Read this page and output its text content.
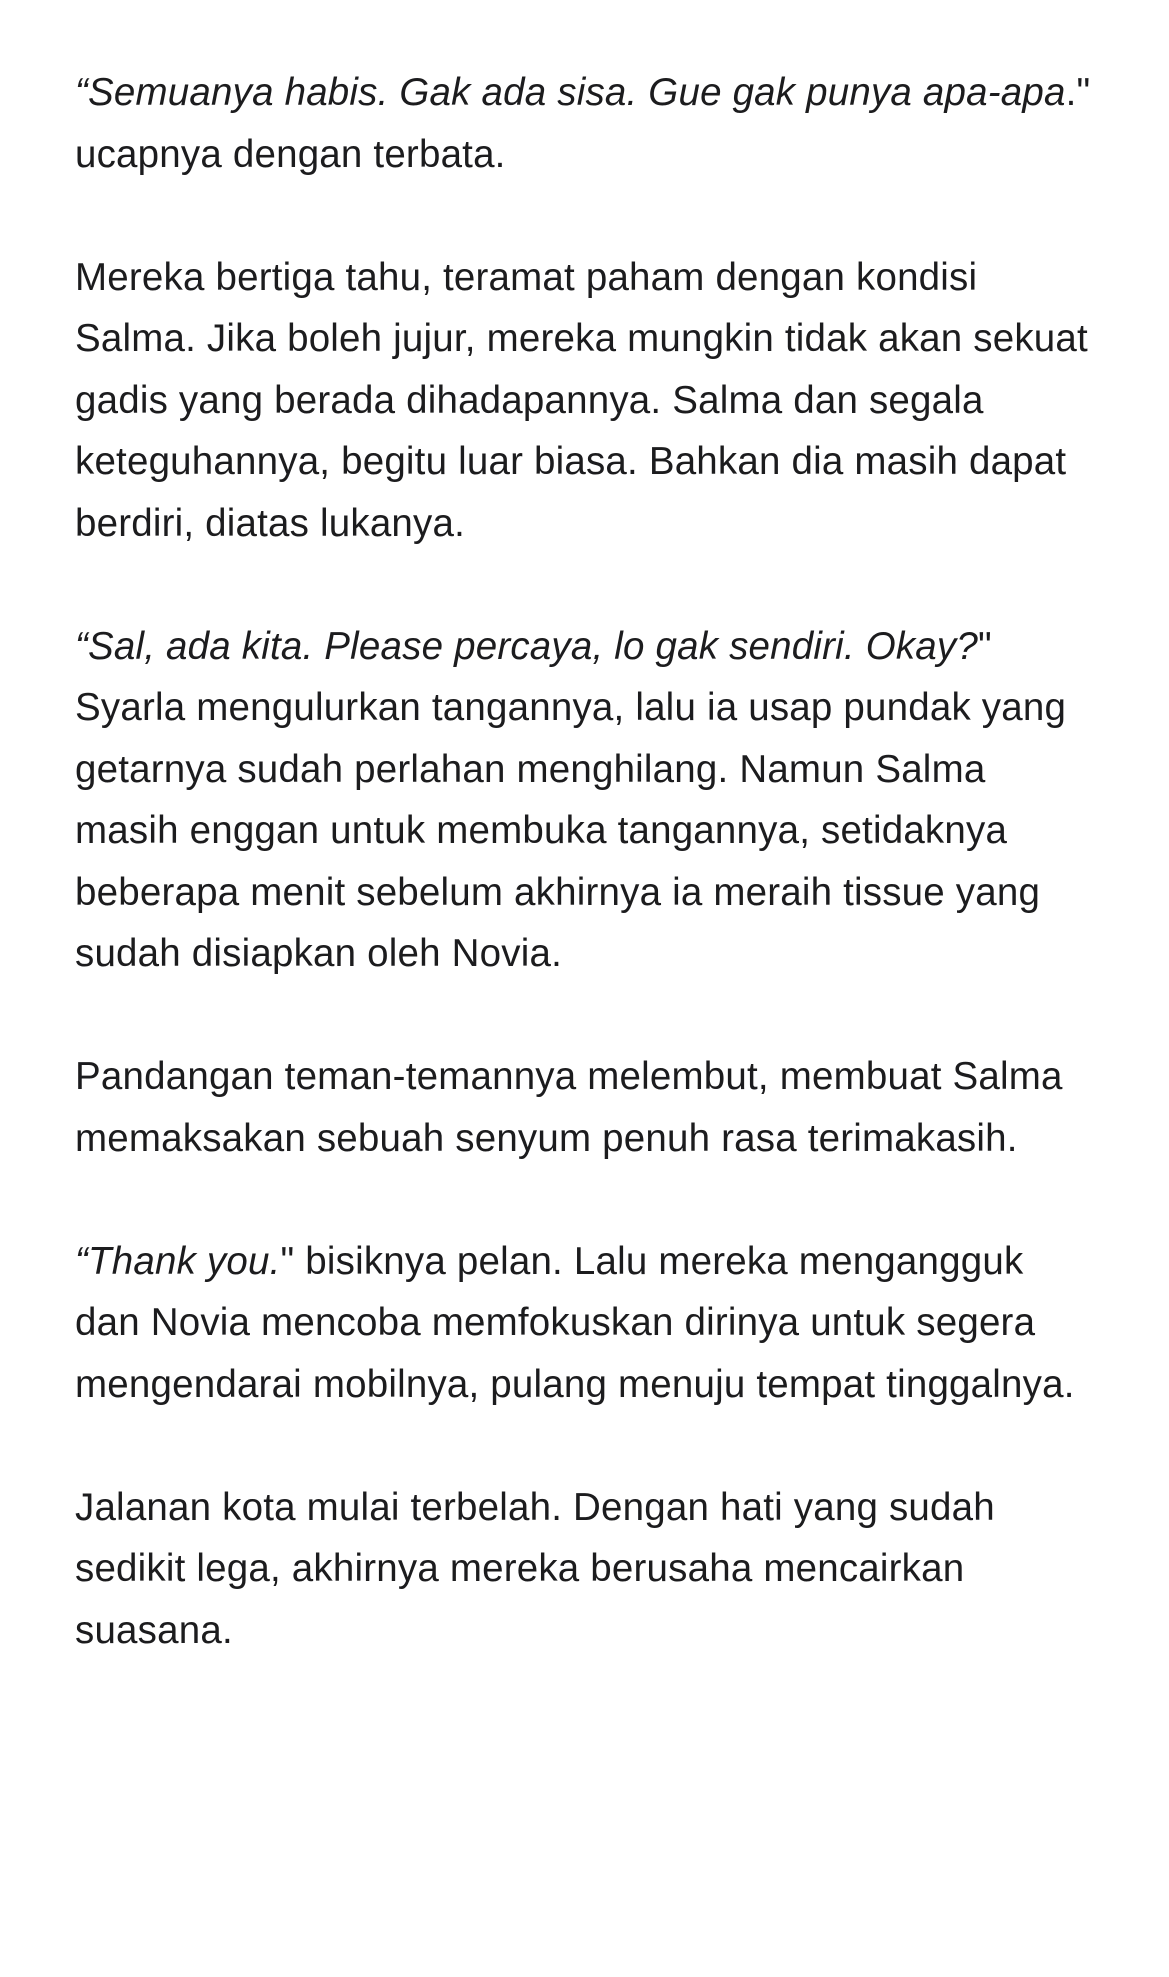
“Semuanya habis. Gak ada sisa. Gue gak punya apa-apa." ucapnya dengan terbata.

Mereka bertiga tahu, teramat paham dengan kondisi Salma. Jika boleh jujur, mereka mungkin tidak akan sekuat gadis yang berada dihadapannya. Salma dan segala keteguhannya, begitu luar biasa. Bahkan dia masih dapat berdiri, diatas lukanya.

“Sal, ada kita. Please percaya, lo gak sendiri. Okay?" Syarla mengulurkan tangannya, lalu ia usap pundak yang getarnya sudah perlahan menghilang. Namun Salma masih enggan untuk membuka tangannya, setidaknya beberapa menit sebelum akhirnya ia meraih tissue yang sudah disiapkan oleh Novia.

Pandangan teman-temannya melembut, membuat Salma memaksakan sebuah senyum penuh rasa terimakasih.

“Thank you." bisiknya pelan. Lalu mereka mengangguk dan Novia mencoba memfokuskan dirinya untuk segera mengendarai mobilnya, pulang menuju tempat tinggalnya.

Jalanan kota mulai terbelah. Dengan hati yang sudah sedikit lega, akhirnya mereka berusaha mencairkan suasana.
